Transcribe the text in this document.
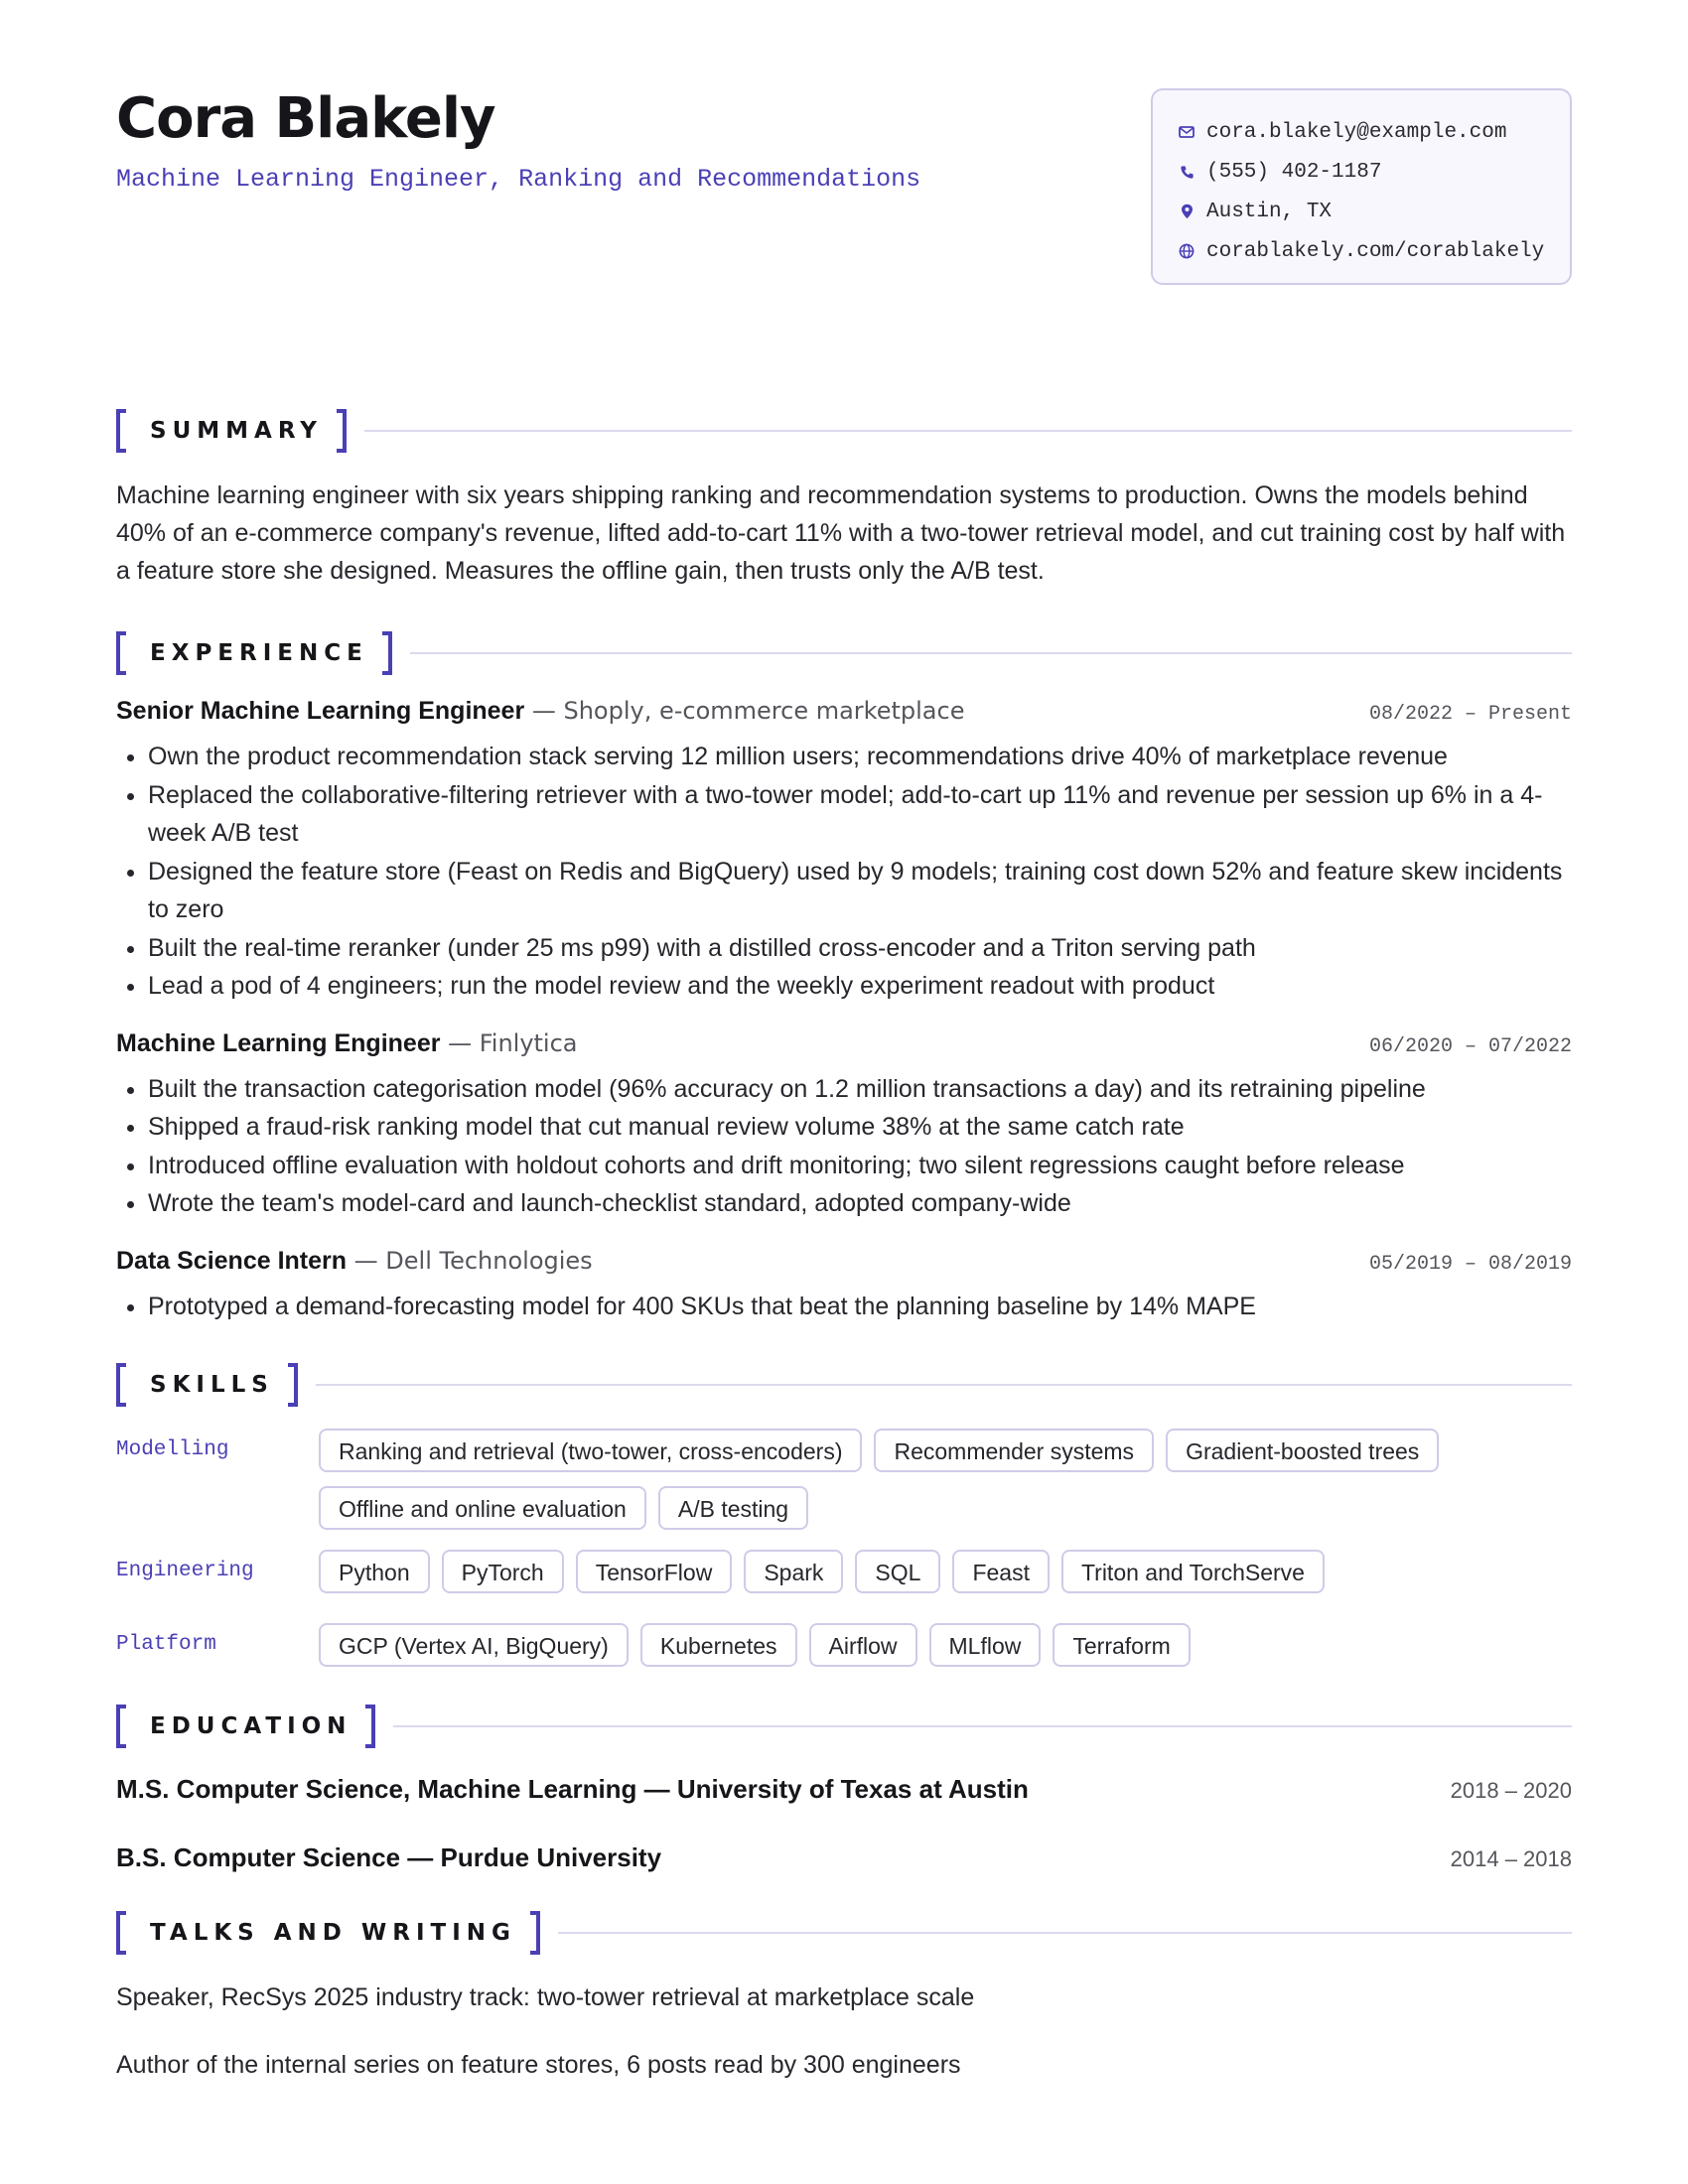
Cora Blakely
Machine Learning Engineer, Ranking and Recommendations
cora.blakely@example.com
(555) 402-1187
Austin, TX
corablakely.com/corablakely
SUMMARY
Machine learning engineer with six years shipping ranking and recommendation systems to production. Owns the models behind 40% of an e-commerce company's revenue, lifted add-to-cart 11% with a two-tower retrieval model, and cut training cost by half with a feature store she designed. Measures the offline gain, then trusts only the A/B test.
EXPERIENCE
Senior Machine Learning Engineer — Shoply, e-commerce marketplace	08/2022 – Present
• Own the product recommendation stack serving 12 million users; recommendations drive 40% of marketplace revenue
• Replaced the collaborative-filtering retriever with a two-tower model; add-to-cart up 11% and revenue per session up 6% in a 4-week A/B test
• Designed the feature store (Feast on Redis and BigQuery) used by 9 models; training cost down 52% and feature skew incidents to zero
• Built the real-time reranker (under 25 ms p99) with a distilled cross-encoder and a Triton serving path
• Lead a pod of 4 engineers; run the model review and the weekly experiment readout with product
Machine Learning Engineer — Finlytica	06/2020 – 07/2022
• Built the transaction categorisation model (96% accuracy on 1.2 million transactions a day) and its retraining pipeline
• Shipped a fraud-risk ranking model that cut manual review volume 38% at the same catch rate
• Introduced offline evaluation with holdout cohorts and drift monitoring; two silent regressions caught before release
• Wrote the team's model-card and launch-checklist standard, adopted company-wide
Data Science Intern — Dell Technologies	05/2019 – 08/2019
• Prototyped a demand-forecasting model for 400 SKUs that beat the planning baseline by 14% MAPE
SKILLS
Modelling	Ranking and retrieval (two-tower, cross-encoders)	Recommender systems	Gradient-boosted trees
Offline and online evaluation	A/B testing
Engineering	Python	PyTorch	TensorFlow	Spark	SQL	Feast	Triton and TorchServe
Platform	GCP (Vertex AI, BigQuery)	Kubernetes	Airflow	MLflow	Terraform
EDUCATION
M.S. Computer Science, Machine Learning — University of Texas at Austin	2018 – 2020
B.S. Computer Science — Purdue University	2014 – 2018
TALKS AND WRITING
Speaker, RecSys 2025 industry track: two-tower retrieval at marketplace scale
Author of the internal series on feature stores, 6 posts read by 300 engineers
